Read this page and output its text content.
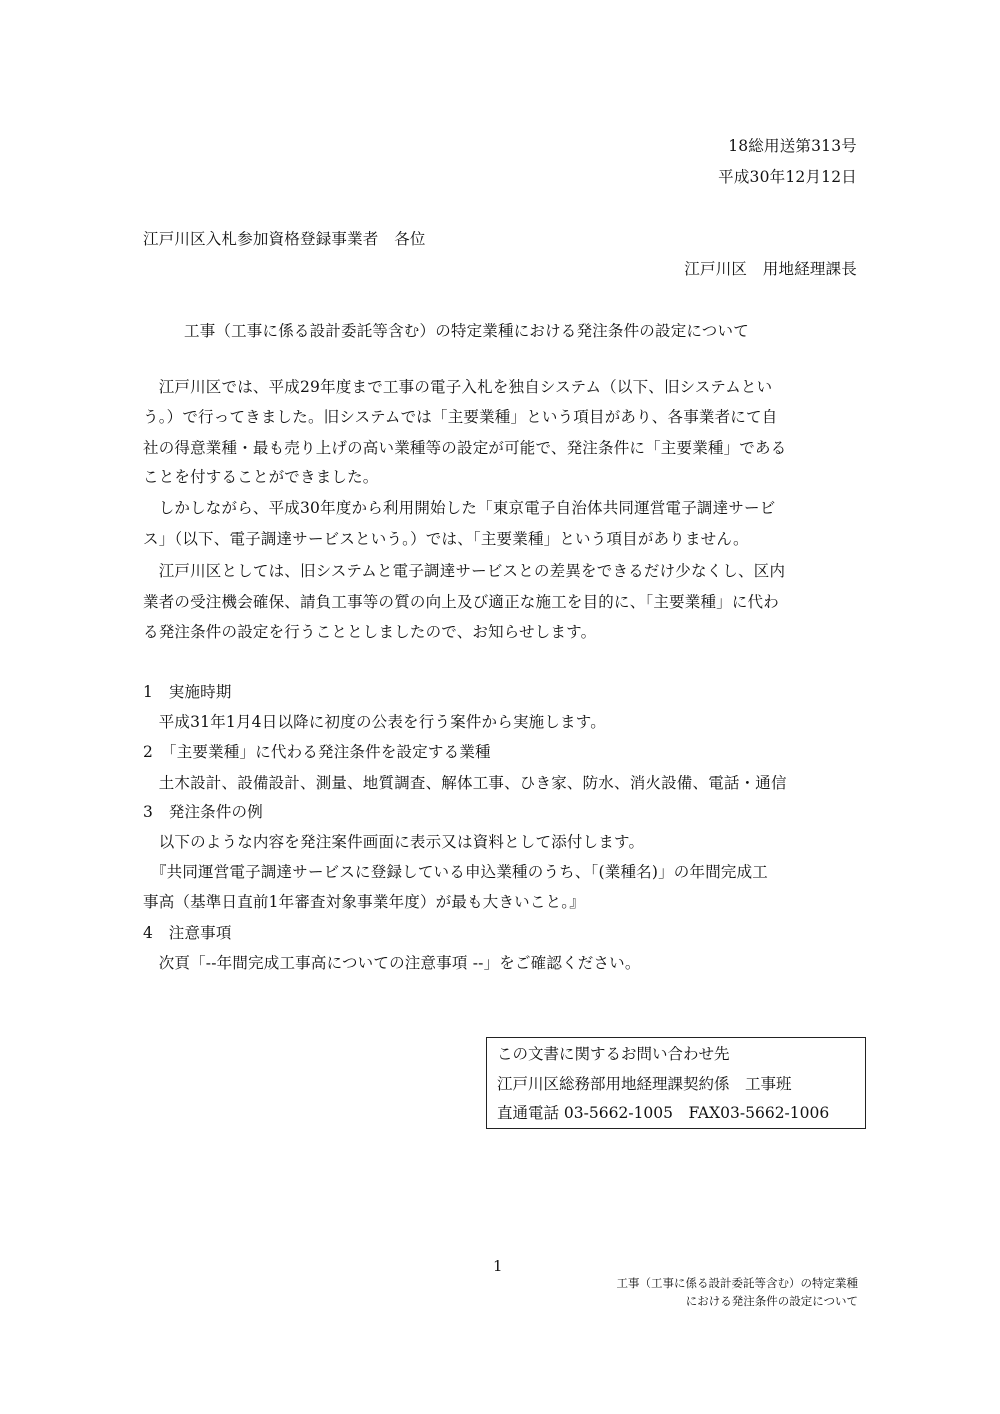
18総用送第313号
平成30年12月12日
江戸川区入札参加資格登録事業者　各位
江戸川区　用地経理課長
工事（工事に係る設計委託等含む）の特定業種における発注条件の設定について
　江戸川区では、平成29年度まで工事の電子入札を独自システム（以下、旧システムとい
う。）で行ってきました。旧システムでは「主要業種」という項目があり、各事業者にて自
社の得意業種・最も売り上げの高い業種等の設定が可能で、発注条件に「主要業種」である
ことを付することができました。
　しかしながら、平成30年度から利用開始した「東京電子自治体共同運営電子調達サービ
ス」（以下、電子調達サービスという。）では、「主要業種」という項目がありません。
　江戸川区としては、旧システムと電子調達サービスとの差異をできるだけ少なくし、区内
業者の受注機会確保、請負工事等の質の向上及び適正な施工を目的に、「主要業種」に代わ
る発注条件の設定を行うこととしましたので、お知らせします。
1　実施時期
　平成31年1月4日以降に初度の公表を行う案件から実施します。
2　「主要業種」に代わる発注条件を設定する業種
　土木設計、設備設計、測量、地質調査、解体工事、ひき家、防水、消火設備、電話・通信
3　発注条件の例
　以下のような内容を発注案件画面に表示又は資料として添付します。
　『共同運営電子調達サービスに登録している申込業種のうち、「(業種名)」の年間完成工
事高（基準日直前1年審査対象事業年度）が最も大きいこと。』
4　注意事項
　次頁「--年間完成工事高についての注意事項 --」をご確認ください。
この文書に関するお問い合わせ先
江戸川区総務部用地経理課契約係　工事班
直通電話 03-5662-1005　FAX03-5662-1006
1
工事（工事に係る設計委託等含む）の特定業種
における発注条件の設定について
